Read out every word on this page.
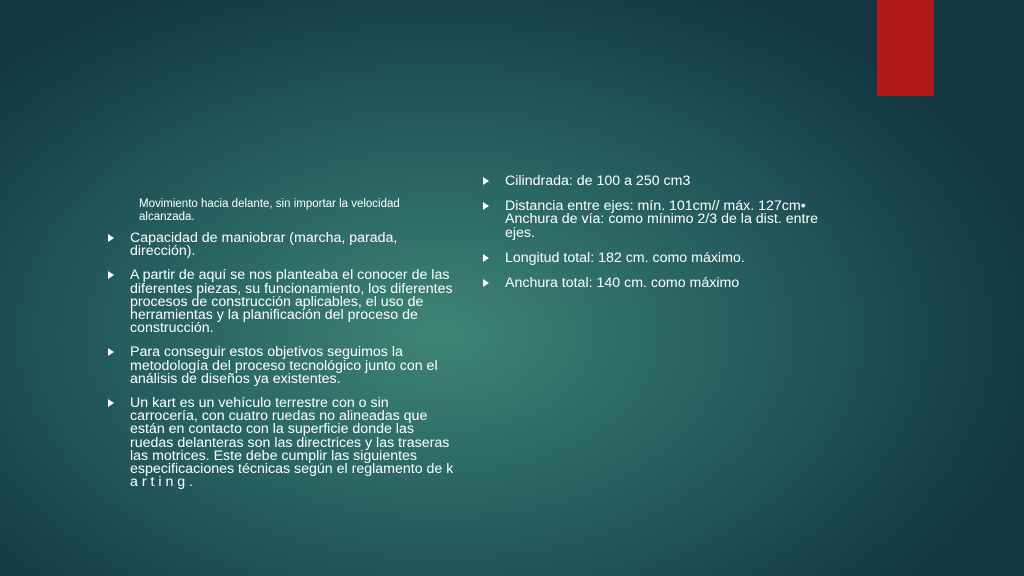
Movimiento hacia delante, sin importar la velocidad alcanzada.

Capacidad de maniobrar (marcha, parada, dirección).
A partir de aquí se nos planteaba el conocer de las diferentes piezas, su funcionamiento, los diferentes procesos de construcción aplicables, el uso de herramientas y la planificación del proceso de construcción.
Para conseguir estos objetivos seguimos la metodología del proceso tecnológico junto con el análisis de diseños ya existentes.
Un kart es un vehículo terrestre con o sin carrocería, con cuatro ruedas no alineadas que están en contacto con la superficie donde las ruedas delanteras son las directrices y las traseras las motrices. Este debe cumplir las siguientes especificaciones técnicas según el reglamento de k a r t i n g .
Cilindrada: de 100 a 250 cm3
Distancia entre ejes: mín. 101cm// máx. 127cm• Anchura de vía: como mínimo 2/3 de la dist. entre ejes.
Longitud total: 182 cm. como máximo.
Anchura total: 140 cm. como máximo
